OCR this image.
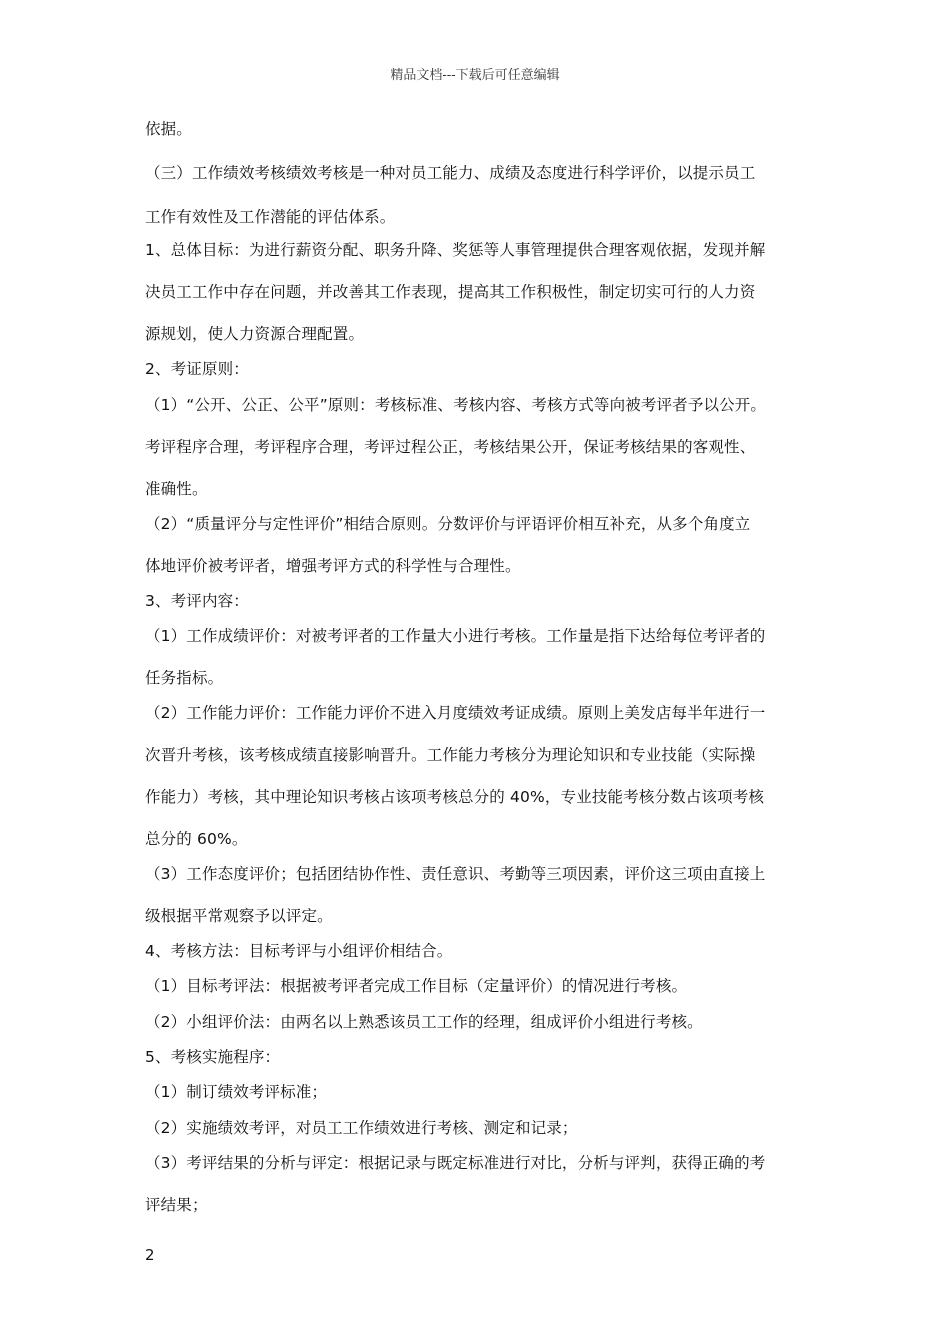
精品文档---下载后可任意编辑
依据。
（三）工作绩效考核绩效考核是一种对员工能力、成绩及态度进行科学评价，以提示员工
工作有效性及工作潜能的评估体系。
1、总体目标：为进行薪资分配、职务升降、奖惩等人事管理提供合理客观依据，发现并解
决员工工作中存在问题，并改善其工作表现，提高其工作积极性，制定切实可行的人力资
源规划，使人力资源合理配置。
2、考证原则：
（1）“公开、公正、公平”原则：考核标准、考核内容、考核方式等向被考评者予以公开。
考评程序合理，考评程序合理，考评过程公正，考核结果公开，保证考核结果的客观性、
准确性。
（2）“质量评分与定性评价”相结合原则。分数评价与评语评价相互补充，从多个角度立
体地评价被考评者，增强考评方式的科学性与合理性。
3、考评内容：
（1）工作成绩评价：对被考评者的工作量大小进行考核。工作量是指下达给每位考评者的
任务指标。
（2）工作能力评价：工作能力评价不进入月度绩效考证成绩。原则上美发店每半年进行一
次晋升考核，该考核成绩直接影响晋升。工作能力考核分为理论知识和专业技能（实际操
作能力）考核，其中理论知识考核占该项考核总分的 40%，专业技能考核分数占该项考核
总分的 60%。
（3）工作态度评价；包括团结协作性、责任意识、考勤等三项因素，评价这三项由直接上
级根据平常观察予以评定。
4、考核方法：目标考评与小组评价相结合。
（1）目标考评法：根据被考评者完成工作目标（定量评价）的情况进行考核。
（2）小组评价法：由两名以上熟悉该员工工作的经理，组成评价小组进行考核。
5、考核实施程序：
（1）制订绩效考评标准；
（2）实施绩效考评，对员工工作绩效进行考核、测定和记录；
（3）考评结果的分析与评定：根据记录与既定标准进行对比，分析与评判，获得正确的考
评结果；
2
